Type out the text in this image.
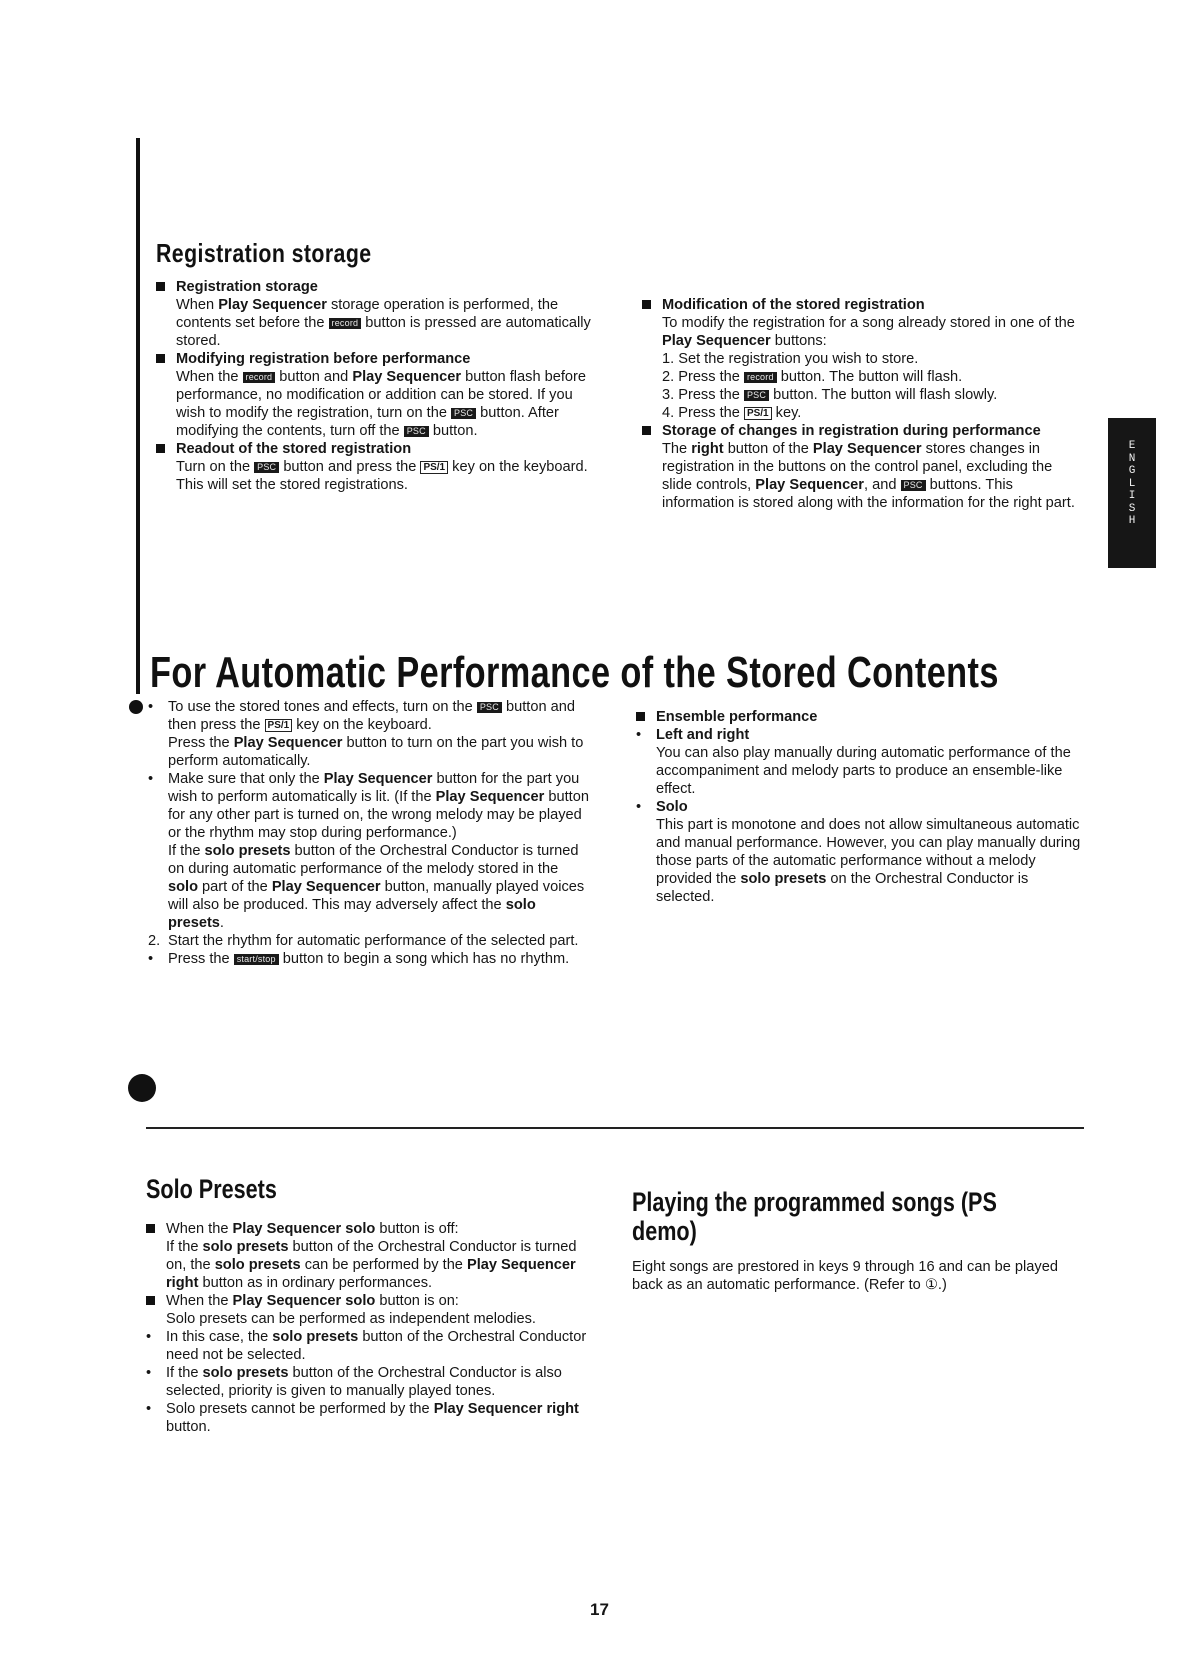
E
N
G
L
I
S
H
Registration storage
Registration storage
When Play Sequencer storage operation is performed, the contents set before the record button is pressed are automatically stored.
Modifying registration before performance
When the record button and Play Sequencer button flash before performance, no modification or addition can be stored. If you wish to modify the registration, turn on the PSC button. After modifying the contents, turn off the PSC button.
Readout of the stored registration
Turn on the PSC button and press the PS/1 key on the keyboard. This will set the stored registrations.
Modification of the stored registration
To modify the registration for a song already stored in one of the Play Sequencer buttons:
1. Set the registration you wish to store.
2. Press the record button. The button will flash.
3. Press the PSC button. The button will flash slowly.
4. Press the PS/1 key.
Storage of changes in registration during performance
The right button of the Play Sequencer stores changes in registration in the buttons on the control panel, excluding the slide controls, Play Sequencer, and PSC buttons. This information is stored along with the information for the right part.
For Automatic Performance of the Stored Contents
• To use the stored tones and effects, turn on the PSC button and then press the PS/1 key on the keyboard.
Press the Play Sequencer button to turn on the part you wish to perform automatically.
• Make sure that only the Play Sequencer button for the part you wish to perform automatically is lit. (If the Play Sequencer button for any other part is turned on, the wrong melody may be played or the rhythm may stop during performance.)
If the solo presets button of the Orchestral Conductor is turned on during automatic performance of the melody stored in the solo part of the Play Sequencer button, manually played voices will also be produced. This may adversely affect the solo presets.
2. Start the rhythm for automatic performance of the selected part.
• Press the start/stop button to begin a song which has no rhythm.
Ensemble performance
• Left and right
You can also play manually during automatic performance of the accompaniment and melody parts to produce an ensemble-like effect.
• Solo
This part is monotone and does not allow simultaneous automatic and manual performance. However, you can play manually during those parts of the automatic performance without a melody provided the solo presets on the Orchestral Conductor is selected.
Solo Presets
When the Play Sequencer solo button is off:
If the solo presets button of the Orchestral Conductor is turned on, the solo presets can be performed by the Play Sequencer right button as in ordinary performances.
When the Play Sequencer solo button is on:
Solo presets can be performed as independent melodies.
• In this case, the solo presets button of the Orchestral Conductor need not be selected.
• If the solo presets button of the Orchestral Conductor is also selected, priority is given to manually played tones.
• Solo presets cannot be performed by the Play Sequencer right button.
Playing the programmed songs (PS demo)
Eight songs are prestored in keys 9 through 16 and can be played back as an automatic performance. (Refer to ①.)
17
